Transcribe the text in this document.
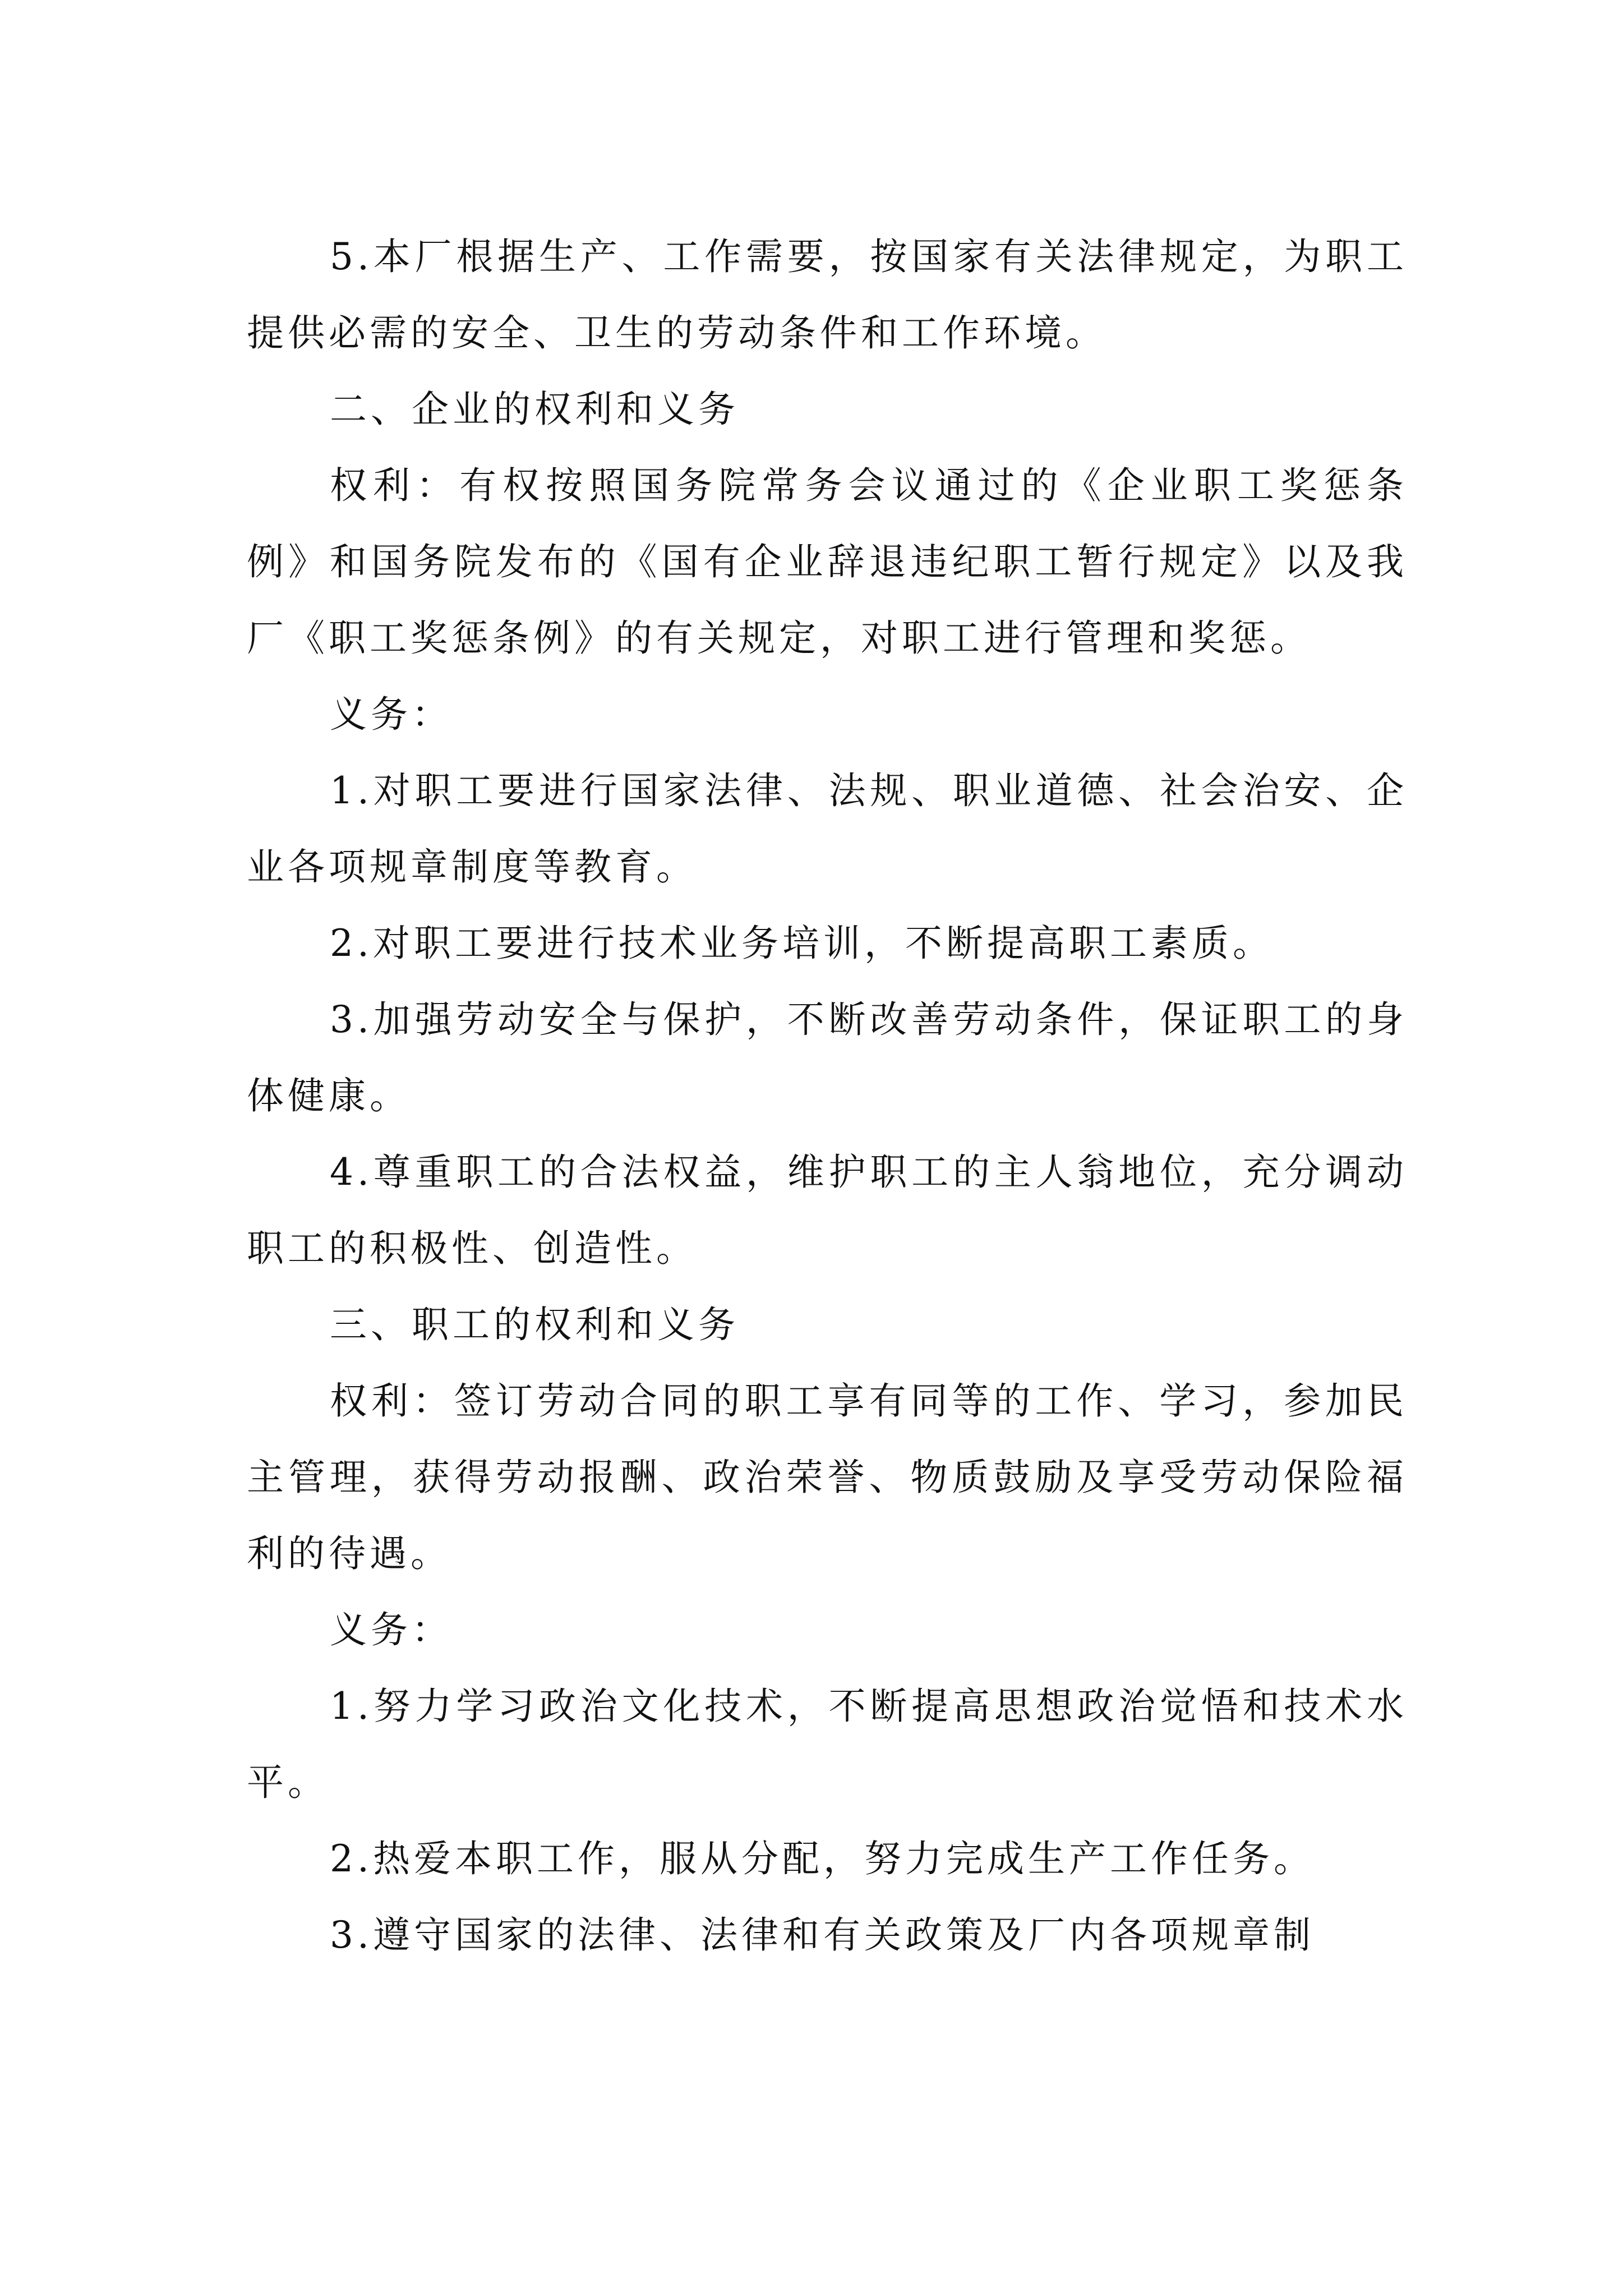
5.本厂根据生产、工作需要，按国家有关法律规定，为职工提供必需的安全、卫生的劳动条件和工作环境。

二、企业的权利和义务

权利：有权按照国务院常务会议通过的《企业职工奖惩条例》和国务院发布的《国有企业辞退违纪职工暂行规定》以及我厂《职工奖惩条例》的有关规定，对职工进行管理和奖惩。

义务：

1.对职工要进行国家法律、法规、职业道德、社会治安、企业各项规章制度等教育。

2.对职工要进行技术业务培训，不断提高职工素质。

3.加强劳动安全与保护，不断改善劳动条件，保证职工的身体健康。

4.尊重职工的合法权益，维护职工的主人翁地位，充分调动职工的积极性、创造性。

三、职工的权利和义务

权利：签订劳动合同的职工享有同等的工作、学习，参加民主管理，获得劳动报酬、政治荣誉、物质鼓励及享受劳动保险福利的待遇。

义务：

1.努力学习政治文化技术，不断提高思想政治觉悟和技术水平。

2.热爱本职工作，服从分配，努力完成生产工作任务。

3.遵守国家的法律、法律和有关政策及厂内各项规章制
